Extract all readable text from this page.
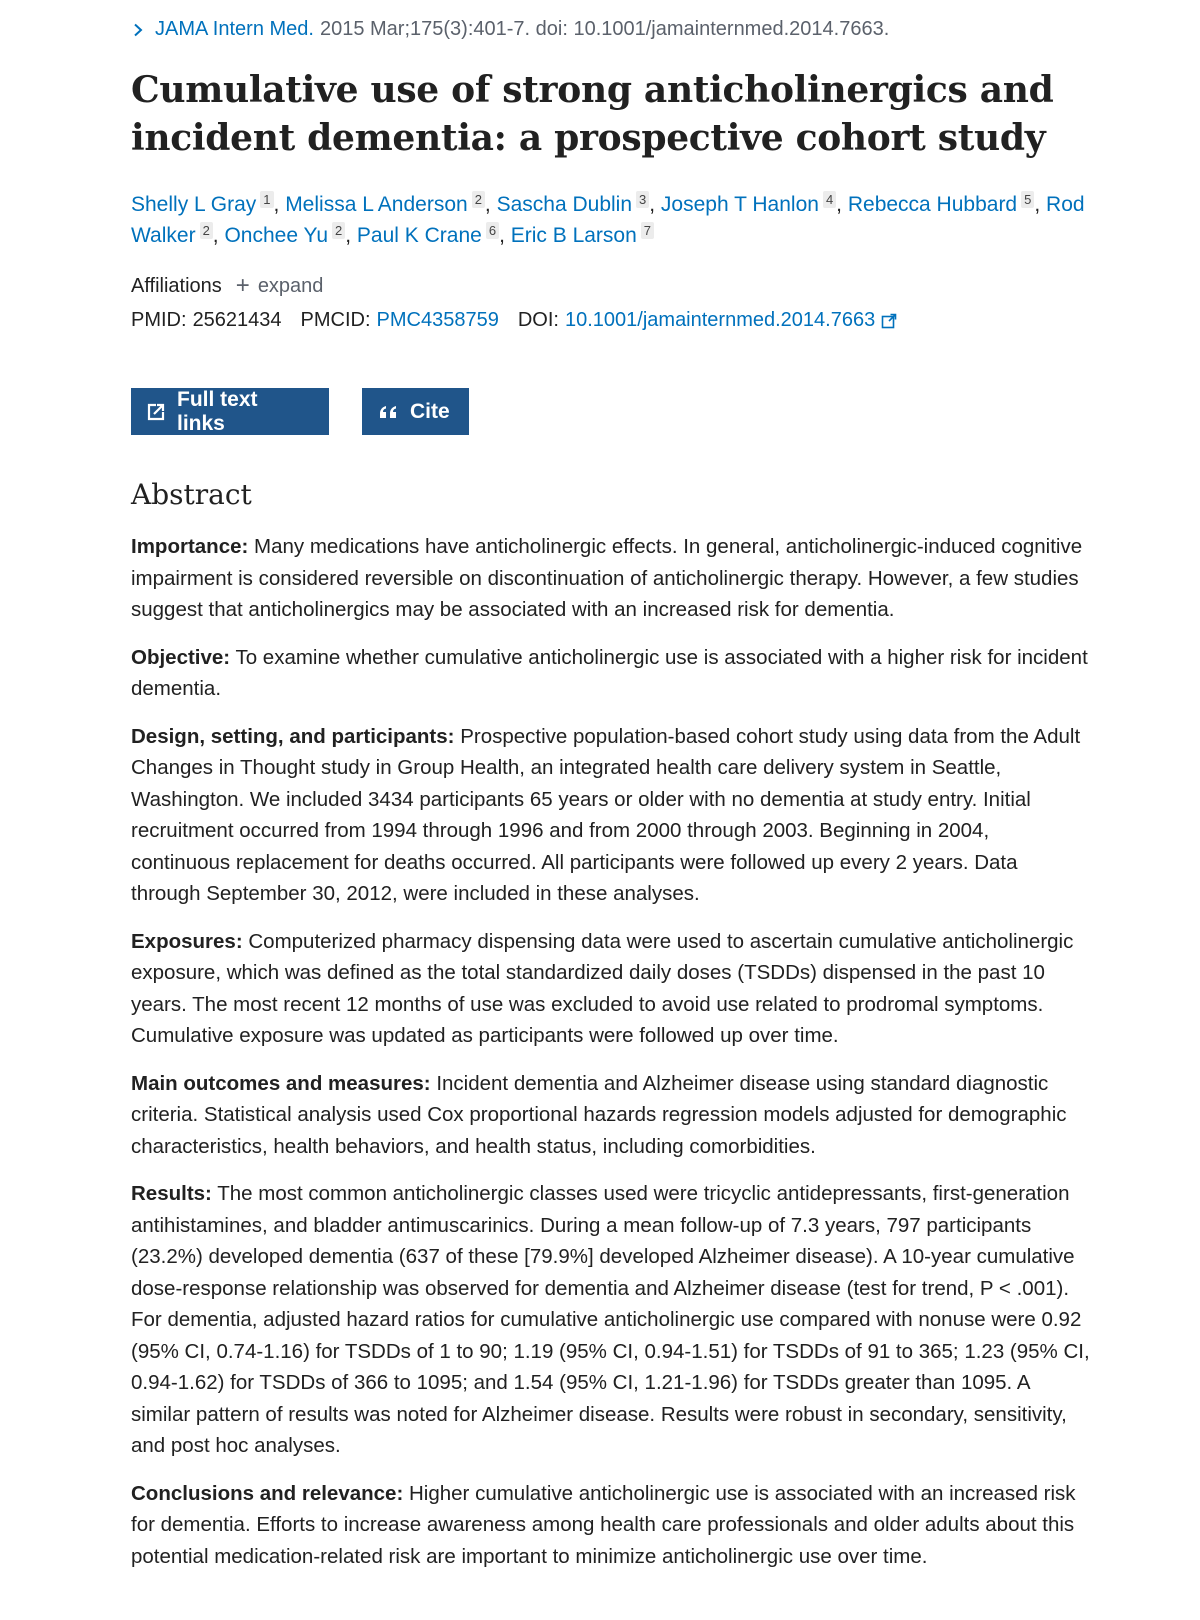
JAMA Intern Med. 2015 Mar;175(3):401-7. doi: 10.1001/jamainternmed.2014.7663.
Cumulative use of strong anticholinergics and incident dementia: a prospective cohort study
Shelly L Gray $^1$ , Melissa L Anderson $^2$ , Sascha Dublin $^3$ , Joseph T Hanlon $^4$ , Rebecca Hubbard $^5$ , Rod Walker $^2$ , Onchee Yu $^2$ , Paul K Crane $^6$ , Eric B Larson $^7$
Affiliations + expand
PMID: 25621434 PMCID: PMC4358759 DOI: 10.1001/jamainternmed.2014.7663
Full text links
Cite
Abstract

Importance: Many medications have anticholinergic effects. In general, anticholinergic-induced cognitive impairment is considered reversible on discontinuation of anticholinergic therapy. However, a few studies suggest that anticholinergics may be associated with an increased risk for dementia.

Objective: To examine whether cumulative anticholinergic use is associated with a higher risk for incident dementia.

Design, setting, and participants: Prospective population-based cohort study using data from the Adult Changes in Thought study in Group Health, an integrated health care delivery system in Seattle, Washington. We included 3434 participants 65 years or older with no dementia at study entry. Initial recruitment occurred from 1994 through 1996 and from 2000 through 2003. Beginning in 2004, continuous replacement for deaths occurred. All participants were followed up every 2 years. Data through September 30, 2012, were included in these analyses.

Exposures: Computerized pharmacy dispensing data were used to ascertain cumulative anticholinergic exposure, which was defined as the total standardized daily doses (TSDDs) dispensed in the past 10 years. The most recent 12 months of use was excluded to avoid use related to prodromal symptoms. Cumulative exposure was updated as participants were followed up over time.

Main outcomes and measures: Incident dementia and Alzheimer disease using standard diagnostic criteria. Statistical analysis used Cox proportional hazards regression models adjusted for demographic characteristics, health behaviors, and health status, including comorbidities.

Results: The most common anticholinergic classes used were tricyclic antidepressants, first-generation antihistamines, and bladder antimuscarinics. During a mean follow-up of 7.3 years, 797 participants (23.2%) developed dementia (637 of these [79.9%] developed Alzheimer disease). A 10-year cumulative dose-response relationship was observed for dementia and Alzheimer disease (test for trend, P < .001). For dementia, adjusted hazard ratios for cumulative anticholinergic use compared with nonuse were 0.92 (95% CI, 0.74-1.16) for TSDDs of 1 to 90; 1.19 (95% CI, 0.94-1.51) for TSDDs of 91 to 365; 1.23 (95% CI, 0.94-1.62) for TSDDs of 366 to 1095; and 1.54 (95% CI, 1.21-1.96) for TSDDs greater than 1095. A similar pattern of results was noted for Alzheimer disease. Results were robust in secondary, sensitivity, and post hoc analyses.

Conclusions and relevance: Higher cumulative anticholinergic use is associated with an increased risk for dementia. Efforts to increase awareness among health care professionals and older adults about this potential medication-related risk are important to minimize anticholinergic use over time.
